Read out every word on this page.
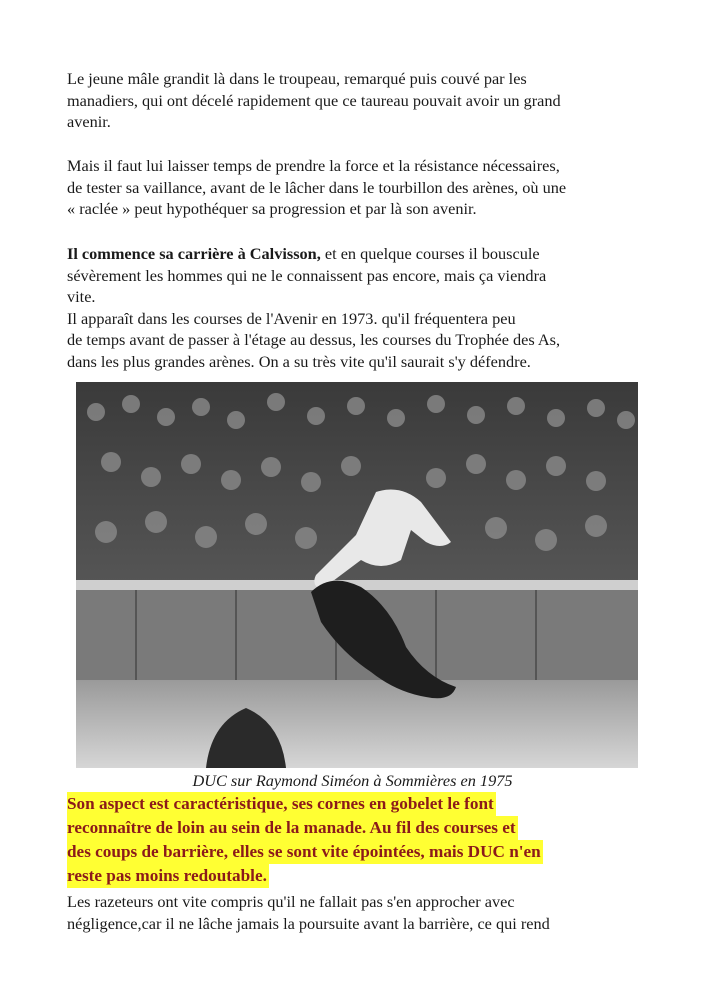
Le jeune mâle grandit là dans le troupeau, remarqué puis couvé par les
manadiers, qui ont décelé rapidement que ce taureau pouvait avoir un grand
avenir.

Mais il faut lui laisser temps de prendre la force et la résistance nécessaires,
de tester sa vaillance, avant de le lâcher dans le tourbillon des arènes, où une
« raclée » peut hypothéquer sa progression et par là son avenir.

Il commence sa carrière à Calvisson, et en quelque courses il bouscule
sévèrement les hommes qui ne le connaissent pas encore, mais ça viendra
vite.
Il apparaît dans les courses de l'Avenir en 1973. qu'il fréquentera peu
de temps avant de passer à l'étage au dessus, les courses du Trophée des As,
dans les plus grandes arènes. On a su très vite qu'il saurait s'y défendre.

DUC sur Raymond Siméon à Sommières en 1975
Son aspect est caractéristique, ses cornes en gobelet le font
reconnaître de loin au sein de la manade. Au fil des courses et
des coups de barrière, elles se sont vite épointées, mais DUC n'en
reste pas moins redoutable.

Les razeteurs ont vite compris qu'il ne fallait pas s'en approcher avec
négligence,car il ne lâche jamais la poursuite avant la barrière, ce qui rend
